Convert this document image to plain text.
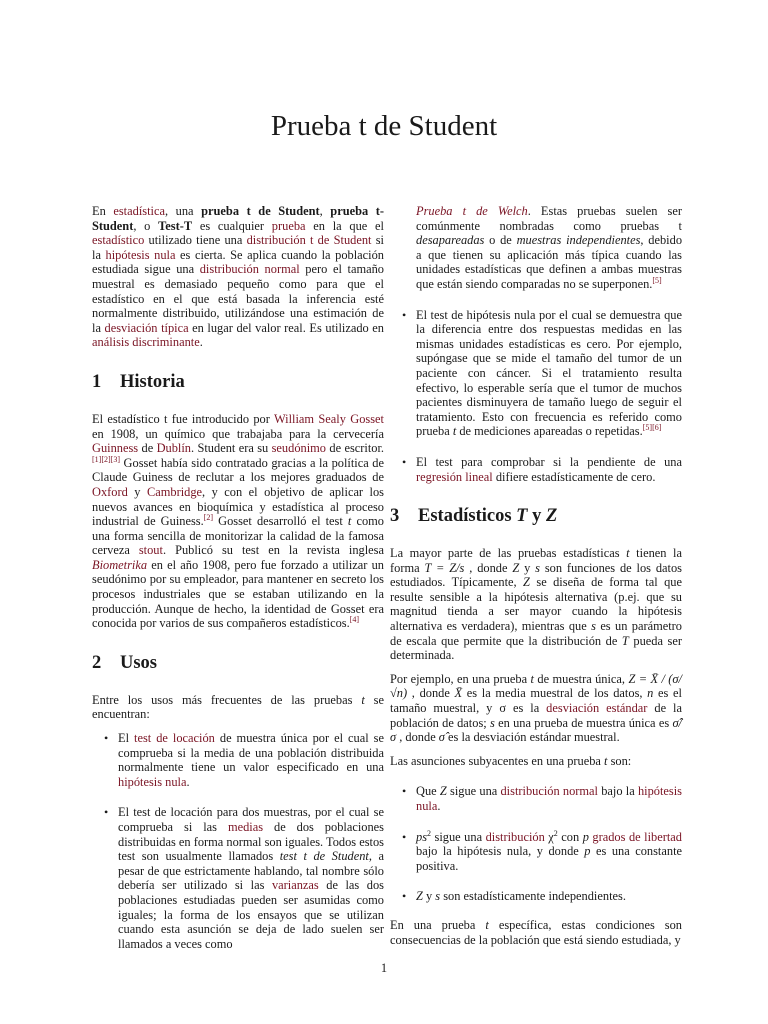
Prueba t de Student

En estadística, una prueba t de Student, prueba t-Student, o Test-T es cualquier prueba en la que el estadístico utilizado tiene una distribución t de Student si la hipótesis nula es cierta. Se aplica cuando la población estudiada sigue una distribución normal pero el tamaño muestral es demasiado pequeño como para que el estadístico en el que está basada la inferencia esté normalmente distribuido, utilizándose una estimación de la desviación típica en lugar del valor real. Es utilizado en análisis discriminante.

1 Historia

El estadístico t fue introducido por William Sealy Gosset en 1908, un químico que trabajaba para la cervecería Guinness de Dublín. Student era su seudónimo de escritor.[1][2][3] Gosset había sido contratado gracias a la política de Claude Guiness de reclutar a los mejores graduados de Oxford y Cambridge, y con el objetivo de aplicar los nuevos avances en bioquímica y estadística al proceso industrial de Guiness.[2] Gosset desarrolló el test t como una forma sencilla de monitorizar la calidad de la famosa cerveza stout. Publicó su test en la revista inglesa Biometrika en el año 1908, pero fue forzado a utilizar un seudónimo por su empleador, para mantener en secreto los procesos industriales que se estaban utilizando en la producción. Aunque de hecho, la identidad de Gosset era conocida por varios de sus compañeros estadísticos.[4]

2 Usos

Entre los usos más frecuentes de las pruebas t se encuentran:

• El test de locación de muestra única por el cual se comprueba si la media de una población distribuida normalmente tiene un valor especificado en una hipótesis nula.
• El test de locación para dos muestras, por el cual se comprueba si las medias de dos poblaciones distribuidas en forma normal son iguales. Todos estos test son usualmente llamados test t de Student, a pesar de que estrictamente hablando, tal nombre sólo debería ser utilizado si las varianzas de las dos poblaciones estudiadas pueden ser asumidas como iguales; la forma de los ensayos que se utilizan cuando esta asunción se deja de lado suelen ser llamados a veces como

Prueba t de Welch. Estas pruebas suelen ser comúnmente nombradas como pruebas t desapareadas o de muestras independientes, debido a que tienen su aplicación más típica cuando las unidades estadísticas que definen a ambas muestras que están siendo comparadas no se superponen.[5]

• El test de hipótesis nula por el cual se demuestra que la diferencia entre dos respuestas medidas en las mismas unidades estadísticas es cero. Por ejemplo, supóngase que se mide el tamaño del tumor de un paciente con cáncer. Si el tratamiento resulta efectivo, lo esperable sería que el tumor de muchos pacientes disminuyera de tamaño luego de seguir el tratamiento. Esto con frecuencia es referido como prueba t de mediciones apareadas o repetidas.[5][6]
• El test para comprobar si la pendiente de una regresión lineal difiere estadísticamente de cero.
3 Estadísticos T y Z

La mayor parte de las pruebas estadísticas t tienen la forma T = Z/s , donde Z y s son funciones de los datos estudiados. Típicamente, Z se diseña de forma tal que resulte sensible a la hipótesis alternativa (p.ej. que su magnitud tienda a ser mayor cuando la hipótesis alternativa es verdadera), mientras que s es un parámetro de escala que permite que la distribución de T pueda ser determinada.

Por ejemplo, en una prueba t de muestra única, Z = X̄ / (σ/√n) , donde X̄ es la media muestral de los datos, n es el tamaño muestral, y σ es la desviación estándar de la población de datos; s en una prueba de muestra única es σ̂/σ , donde σ̂ es la desviación estándar muestral.

Las asunciones subyacentes en una prueba t son:

• Que Z sigue una distribución normal bajo la hipótesis nula.
• $ps^2$ sigue una distribución $\chi^2$ con p grados de libertad bajo la hipótesis nula, y donde p es una constante positiva.
• Z y s son estadísticamente independientes.

En una prueba t específica, estas condiciones son consecuencias de la población que está siendo estudiada, y

1
